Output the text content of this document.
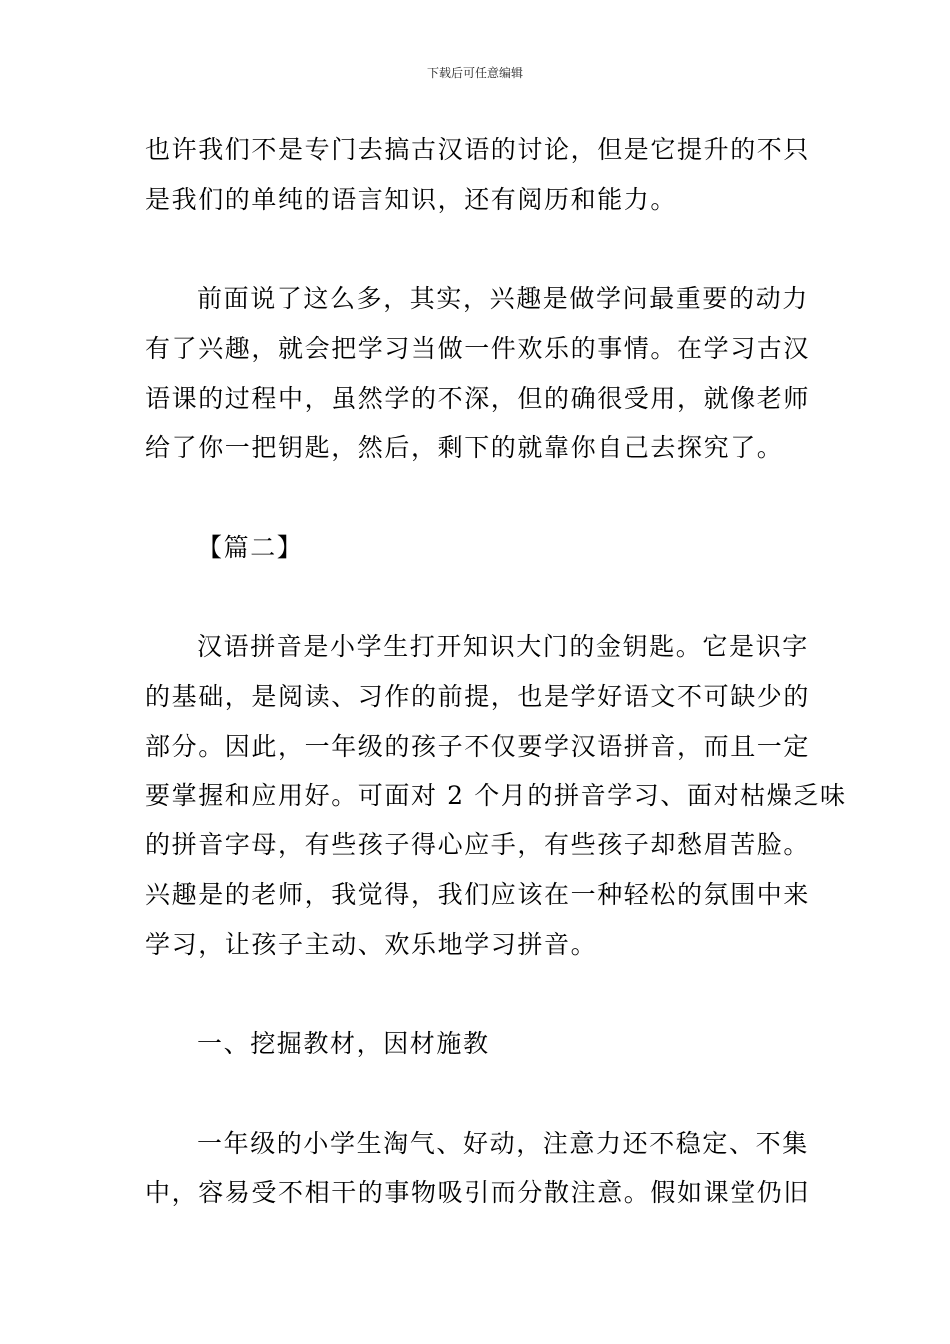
下载后可任意编辑
也许我们不是专门去搞古汉语的讨论，但是它提升的不只
是我们的单纯的语言知识，还有阅历和能力。
前面说了这么多，其实，兴趣是做学问最重要的动力
有了兴趣，就会把学习当做一件欢乐的事情。在学习古汉
语课的过程中，虽然学的不深，但的确很受用，就像老师
给了你一把钥匙，然后，剩下的就靠你自己去探究了。
【篇二】
汉语拼音是小学生打开知识大门的金钥匙。它是识字
的基础，是阅读、习作的前提，也是学好语文不可缺少的
部分。因此，一年级的孩子不仅要学汉语拼音，而且一定
要掌握和应用好。可面对 2 个月的拼音学习、面对枯燥乏味
的拼音字母，有些孩子得心应手，有些孩子却愁眉苦脸。
兴趣是的老师，我觉得，我们应该在一种轻松的氛围中来
学习，让孩子主动、欢乐地学习拼音。
一、挖掘教材，因材施教
一年级的小学生淘气、好动，注意力还不稳定、不集
中，容易受不相干的事物吸引而分散注意。假如课堂仍旧
